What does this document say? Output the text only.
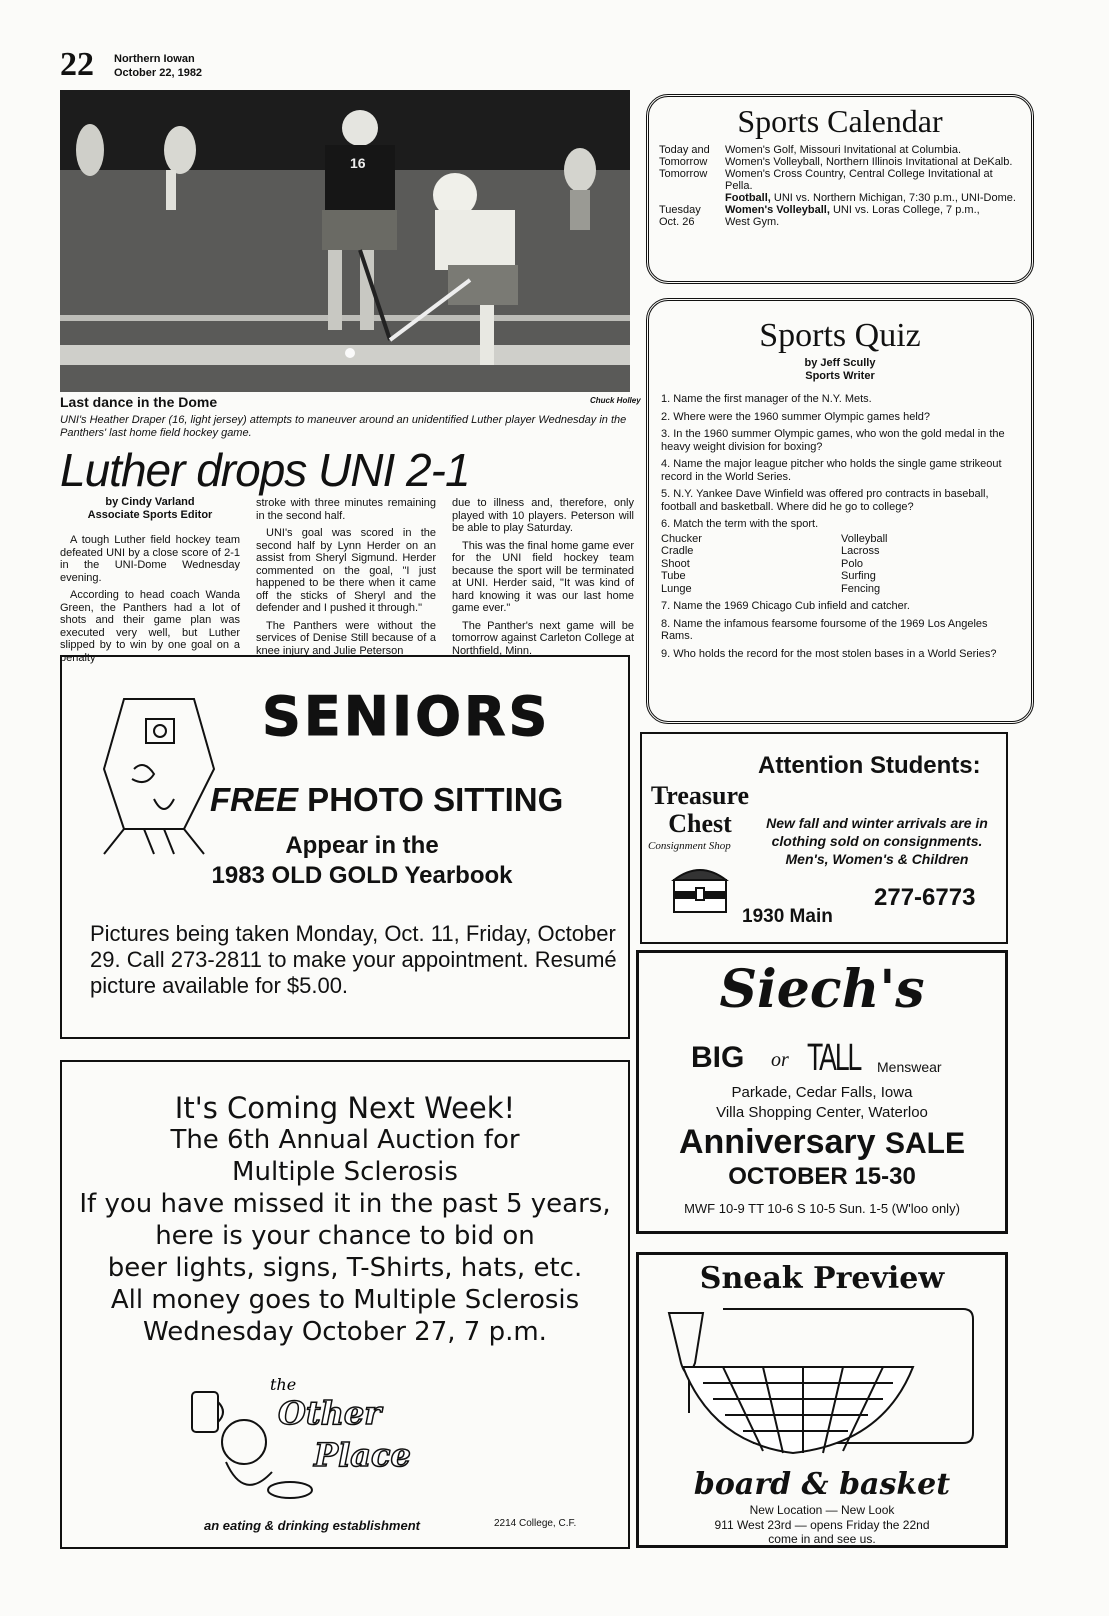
22 Northern Iowan
October 22, 1982
16
Last dance in the Dome	Chuck Holley
UNI's Heather Draper (16, light jersey) attempts to maneuver around an unidentified Luther player Wednesday in the Panthers' last home field hockey game.
Luther drops UNI 2-1
by Cindy Varland
Associate Sports Editor

A tough Luther field hockey team defeated UNI by a close score of 2-1 in the UNI-Dome Wednesday evening.

According to head coach Wanda Green, the Panthers had a lot of shots and their game plan was executed very well, but Luther slipped by to win by one goal on a penalty

stroke with three minutes remaining in the second half.

UNI's goal was scored in the second half by Lynn Herder on an assist from Sheryl Sigmund. Herder commented on the goal, "I just happened to be there when it came off the sticks of Sheryl and the defender and I pushed it through."

The Panthers were without the services of Denise Still because of a knee injury and Julie Peterson

due to illness and, therefore, only played with 10 players. Peterson will be able to play Saturday.

This was the final home game ever for the UNI field hockey team because the sport will be terminated at UNI. Herder said, "It was kind of hard knowing it was our last home game ever."

The Panther's next game will be tomorrow against Carleton College at Northfield, Minn.

Sports Calendar
Today and	Women's Golf, Missouri Invitational at Columbia.
Tomorrow	Women's Volleyball, Northern Illinois Invitational at DeKalb.
Tomorrow	Women's Cross Country, Central College Invitational at Pella.
	Football, UNI vs. Northern Michigan, 7:30 p.m., UNI-Dome.
Tuesday	Women's Volleyball, UNI vs. Loras College, 7 p.m.,
Oct. 26	West Gym.
Sports Quiz
by Jeff Scully
Sports Writer
1. Name the first manager of the N.Y. Mets.
2. Where were the 1960 summer Olympic games held?
3. In the 1960 summer Olympic games, who won the gold medal in the heavy weight division for boxing?
4. Name the major league pitcher who holds the single game strikeout record in the World Series.
5. N.Y. Yankee Dave Winfield was offered pro contracts in baseball, football and basketball. Where did he go to college?
6. Match the term with the sport.
Chucker	Volleyball
Cradle	Lacross
Shoot	Polo
Tube	Surfing
Lunge	Fencing
7. Name the 1969 Chicago Cub infield and catcher.
8. Name the infamous fearsome foursome of the 1969 Los Angeles Rams.
9. Who holds the record for the most stolen bases in a World Series?
SENIORS
FREE PHOTO SITTING
Appear in the
1983 OLD GOLD Yearbook
Pictures being taken Monday, Oct. 11, Friday, October 29. Call 273-2811 to make your appointment. Resumé picture available for $5.00.
It's Coming Next Week!
The 6th Annual Auction for
Multiple Sclerosis
If you have missed it in the past 5 years,
here is your chance to bid on
beer lights, signs, T-Shirts, hats, etc.
All money goes to Multiple Sclerosis
Wednesday October 27, 7 p.m.
the
Other
Place
an eating & drinking establishment	2214 College, C.F.
Attention Students:
Treasure
Chest
Consignment Shop
New fall and winter arrivals are in
clothing sold on consignments.
Men's, Women's & Children
277-6773
1930 Main
Siech's
BIG or TALL Menswear
Parkade, Cedar Falls, Iowa
Villa Shopping Center, Waterloo
Anniversary SALE
OCTOBER 15-30
MWF 10-9 TT 10-6 S 10-5 Sun. 1-5 (W'loo only)
Sneak Preview
board & basket
New Location — New Look
911 West 23rd — opens Friday the 22nd
come in and see us.
